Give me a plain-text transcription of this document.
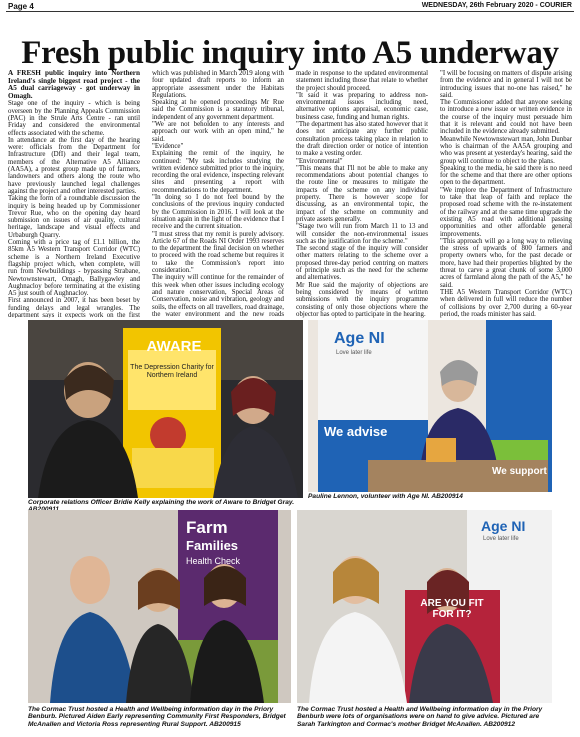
Page 4	WEDNESDAY, 26th February 2020 - COURIER
Fresh public inquiry into A5 underway

A FRESH public inquiry into Northern Ireland's single biggest road project - the A5 dual carriageway - got underway in Omagh.

Stage one of the inquiry - which is being overseen by the Planning Appeals Commission (PAC) in the Strule Arts Centre - ran until Friday and considered the environmental effects associated with the scheme.

In attendance at the first day of the hearing were: officials from the Department for Infrastructure (DfI) and their legal team, members of the Alternative A5 Alliance (AA5A), a protest group made up of farmers, landowners and others along the route who have previously launched legal challenges against the project and other interested parties.

Taking the form of a roundtable discussion the inquiry is being headed up by Commissioner Trevor Rue, who on the opening day heard submission on issues of air quality, cultural heritage, landscape and visual effects and Urbaburgh Quarry.

Coming with a price tag of £1.1 billion, the 85km A5 Western Transport Corridor (WTC) scheme is a Northern Ireland Executive flagship project which, when complete, will run from Newbuildings - bypassing Strabane, Newtownstewart, Omagh, Ballygawley and Aughnacloy before terminating at the existing A5 just south of Aughnacloy.

First announced in 2007, it has been beset by funding delays and legal wrangles. The department says it expects work on the first

which was published in March 2019 along with four updated draft reports to inform an appropriate assessment under the Habitats Regulations.

Speaking at he opened proceedings Mr Rue said the Commission is a statutory tribunal, independent of any government department.

"We are not beholden to any interests and approach our work with an open mind," he said.

"Evidence"

Explaining the remit of the inquiry, he continued: "My task includes studying the written evidence submitted prior to the inquiry, recording the oral evidence, inspecting relevant sites and presenting a report with recommendations to the department.

"In doing so I do not feel bound by the conclusions of the previous inquiry conducted by the Commission in 2016. I will look at the situation again in the light of the evidence that I receive and the current situation.

"I must stress that my remit is purely advisory. Article 67 of the Roads NI Order 1993 reserves to the department the final decision on whether to proceed with the road scheme but requires it to take the Commission's report into consideration."

The inquiry will continue for the remainder of this week when other issues including ecology and nature conservation, Special Areas of Conservation, noise and vibration, geology and soils, the effects on all travellers, road drainage, the water environment and the new roads

made in response to the updated environmental statement including those that relate to whether the project should proceed.

"It said it was preparing to address non-environmental issues including need, alternative options appraisal, economic case, business case, funding and human rights.

"The department has also stated however that it does not anticipate any further public consultation process taking place in relation to the draft direction order or notice of intention to make a vesting order.

"Environmental"

"This means that I'll not be able to make any recommendations about potential changes to the route line or measures to mitigate the impacts of the scheme on any individual property. There is however scope for discussing, as an environmental topic, the impact of the scheme on community and private assets generally.

"Stage two will run from March 11 to 13 and will consider the non-environmental issues such as the justification for the scheme."

The second stage of the inquiry will consider other matters relating to the scheme over a proposed three-day period centring on matters of principle such as the need for the scheme and alternatives.

Mr Rue said the majority of objections are being considered by means of written submissions with the inquiry programme consisting of only those objections where the objector has opted to participate in the hearing.

"I will be focusing on matters of dispute arising from the evidence and in general I will not be introducing issues that no-one has raised," he said.

The Commissioner added that anyone seeking to introduce a new issue or written evidence in the course of the inquiry must persuade him that it is relevant and could not have been included in the evidence already submitted.

Meanwhile Newtownstewart man, John Dunbar who is chairman of the AA5A grouping and who was present at yesterday's hearing, said the group will continue to object to the plans.

Speaking to the media, he said there is no need for the scheme and that there are other options open to the department.

"We implore the Department of Infrastructure to take that leap of faith and replace the proposed road scheme with the re-instatement of the railway and at the same time upgrade the existing A5 road with additional passing opportunities and other affordable general improvements.

"This approach will go a long way to relieving the stress of upwards of 800 farmers and property owners who, for the past decade or more, have had their properties blighted by the threat to carve a great chunk of some 3,000 acres of farmland along the path of the A5," he said.

THE A5 Western Transport Corridor (WTC) when delivered in full will reduce the number of collisions by over 2,700 during a 60-year period, the roads minister has said.

AWARE
The Depression Charity for Northern Ireland
Corporate relations Officer Bridie Kelly explaining the work of Aware to Bridget Gray.
Age NI
Love later life
We advise
We support
Pauline Lennon, volunteer with Age NI. AB200914
Farm
Families
Health Check
The Cormac Trust hosted a Health and Wellbeing information day in the Priory Benburb. Pictured Aiden Early representing Community First Responders, Bridget McAnallen and Victoria Ross representing Rural Support. AB200915
Age NI
Love later life
ARE YOU FIT FOR IT?
The Cormac Trust hosted a Health and Wellbeing information day in the Priory Benburb were lots of organisations were on hand to give advice. Pictured are Sarah Tarkington and Cormac's mother Bridget McAnallen. AB200912
